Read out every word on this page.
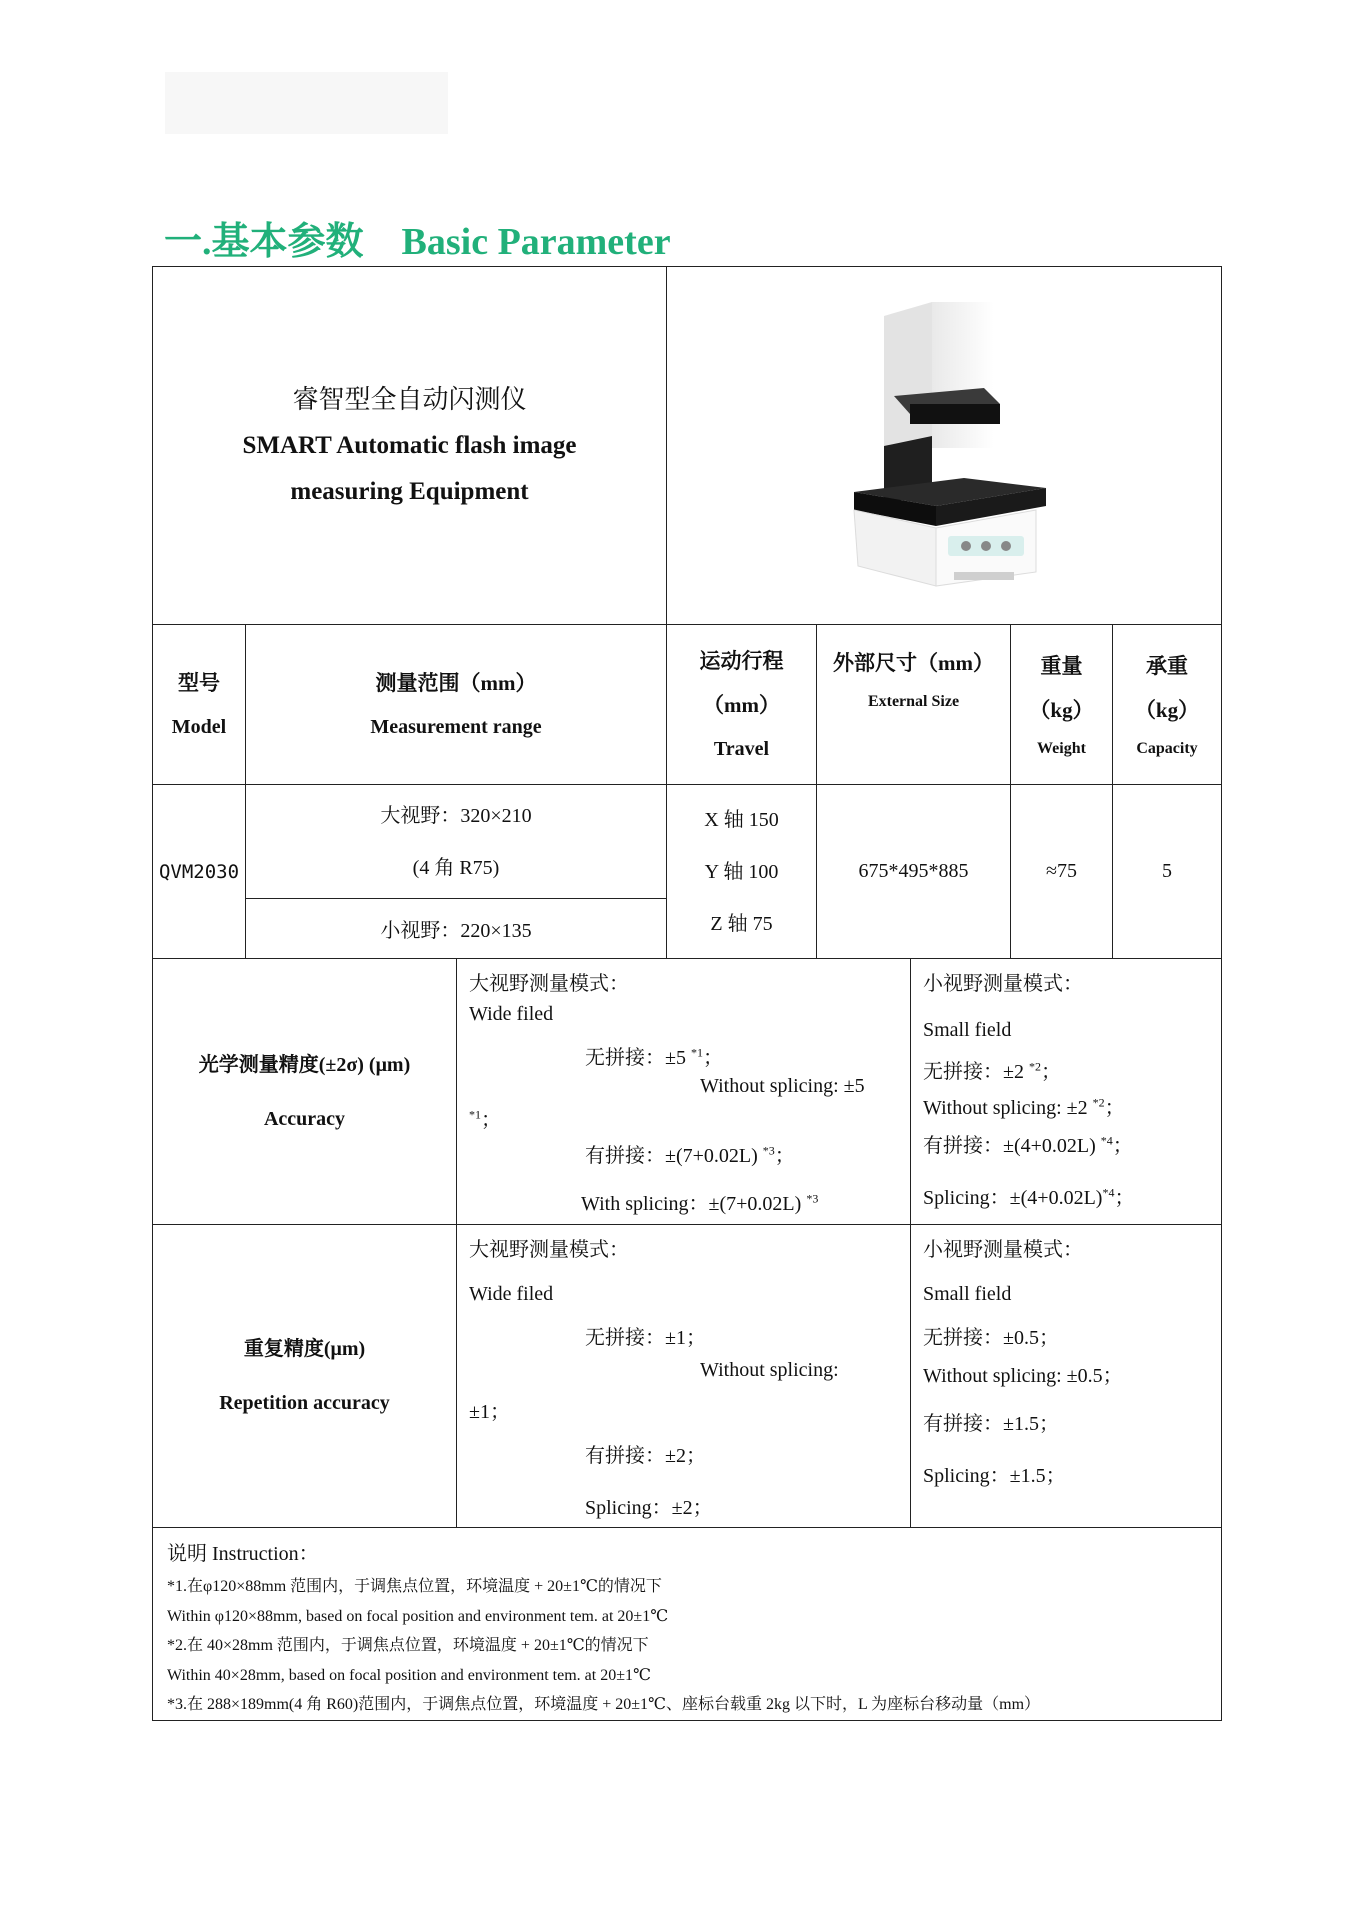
一.基本参数 Basic Parameter
睿智型全自动闪测仪
SMART Automatic flash image
measuring Equipment
型号
Model
测量范围（mm）
Measurement range
运动行程
（mm）
Travel
外部尺寸（mm）
External Size
重量
（kg）
Weight
承重
（kg）
Capacity
QVM2030
大视野：320×210
(4 角 R75)
小视野：220×135
X 轴 150
Y 轴 100
Z 轴 75
675*495*885	≈75	5
光学测量精度(±2σ) (μm)
Accuracy
大视野测量模式：
Wide filed
无拼接：±5 $^{*1}$；
Without splicing: ±5
$^{*1}$；
有拼接：±(7+0.02L) $^{*3}$；
With splicing：±(7+0.02L) $^{*3}$
小视野测量模式：
Small field
无拼接：±2 $^{*2}$；
Without splicing: ±2 $^{*2}$；
有拼接：±(4+0.02L) $^{*4}$；
Splicing：$\pm(4+0.02L)^{*4}$；
重复精度(μm)
Repetition accuracy
大视野测量模式：
Wide filed
无拼接：±1；
Without splicing:
±1；
有拼接：±2；
Splicing：±2；
小视野测量模式：
Small field
无拼接：±0.5；
Without splicing: ±0.5；
有拼接：±1.5；
Splicing：±1.5；
说明 Instruction：
*1.在φ120×88mm 范围内，于调焦点位置，环境温度 + 20±1℃的情况下
Within φ120×88mm, based on focal position and environment tem. at 20±1℃
*2.在 40×28mm 范围内，于调焦点位置，环境温度 + 20±1℃的情况下
Within 40×28mm, based on focal position and environment tem. at 20±1℃
*3.在 288×189mm(4 角 R60)范围内，于调焦点位置，环境温度 + 20±1℃、座标台载重 2kg 以下时，L 为座标台移动量（mm）
